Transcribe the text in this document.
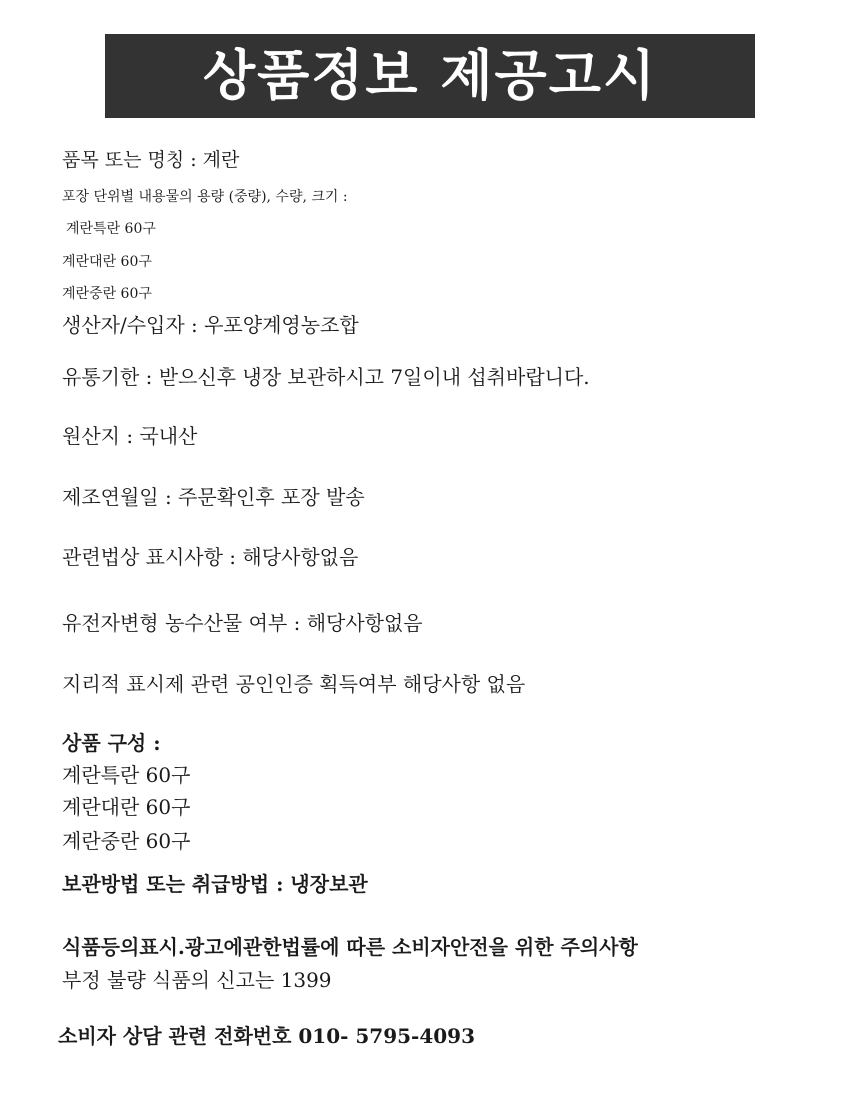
상품정보 제공고시
품목 또는 명칭 : 계란
포장 단위별 내용물의 용량 (중량), 수량, 크기 :
계란특란 60구
계란대란 60구
계란중란 60구
생산자/수입자 : 우포양계영농조합
유통기한 : 받으신후 냉장 보관하시고 7일이내 섭취바랍니다.
원산지 : 국내산
제조연월일 : 주문확인후 포장 발송
관련법상 표시사항 : 해당사항없음
유전자변형 농수산물 여부 : 해당사항없음
지리적 표시제 관련 공인인증 획득여부 해당사항 없음
상품 구성 :
계란특란 60구
계란대란 60구
계란중란 60구
보관방법 또는 취급방법 : 냉장보관
식품등의표시.광고에관한법률에 따른 소비자안전을 위한 주의사항
부정 불량 식품의 신고는 1399
소비자 상담 관련 전화번호 010- 5795-4093
